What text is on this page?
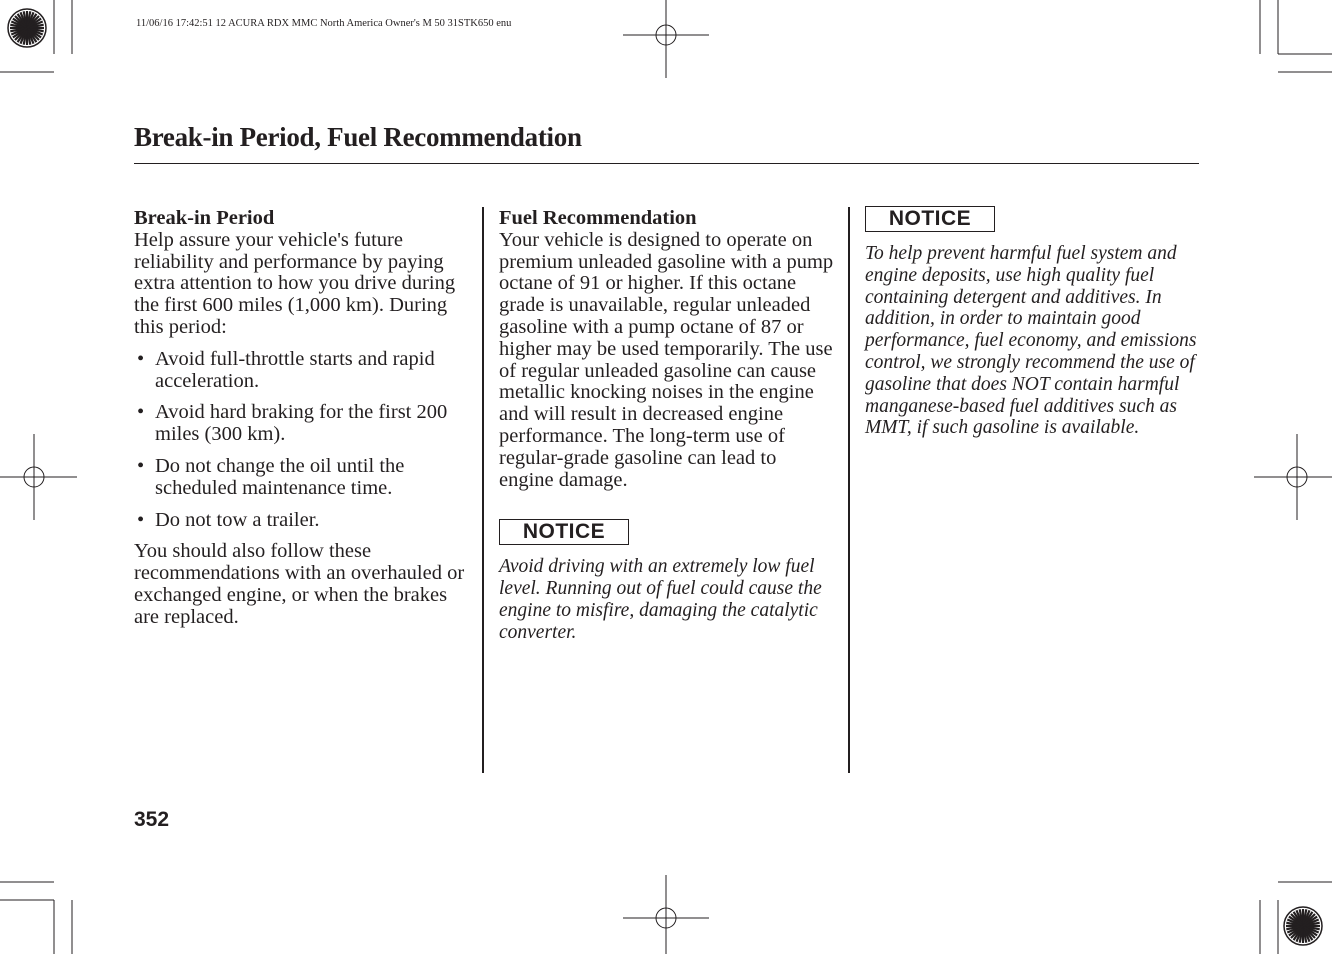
11/06/16 17:42:51 12 ACURA RDX MMC North America Owner's M 50 31STK650 enu
Break-in Period, Fuel Recommendation
Break-in Period

Help assure your vehicle's future reliability and performance by paying extra attention to how you drive during the first 600 miles (1,000 km). During this period:

• Avoid full-throttle starts and rapid acceleration.
• Avoid hard braking for the first 200 miles (300 km).
• Do not change the oil until the scheduled maintenance time.
• Do not tow a trailer.

You should also follow these recommendations with an overhauled or exchanged engine, or when the brakes are replaced.

Fuel Recommendation

Your vehicle is designed to operate on premium unleaded gasoline with a pump octane of 91 or higher. If this octane grade is unavailable, regular unleaded gasoline with a pump octane of 87 or higher may be used temporarily. The use of regular unleaded gasoline can cause metallic knocking noises in the engine and will result in decreased engine performance. The long-term use of regular-grade gasoline can lead to engine damage.

NOTICE
Avoid driving with an extremely low fuel level. Running out of fuel could cause the engine to misfire, damaging the catalytic converter.
NOTICE
To help prevent harmful fuel system and engine deposits, use high quality fuel containing detergent and additives. In addition, in order to maintain good performance, fuel economy, and emissions control, we strongly recommend the use of gasoline that does NOT contain harmful manganese-based fuel additives such as MMT, if such gasoline is available.
352
